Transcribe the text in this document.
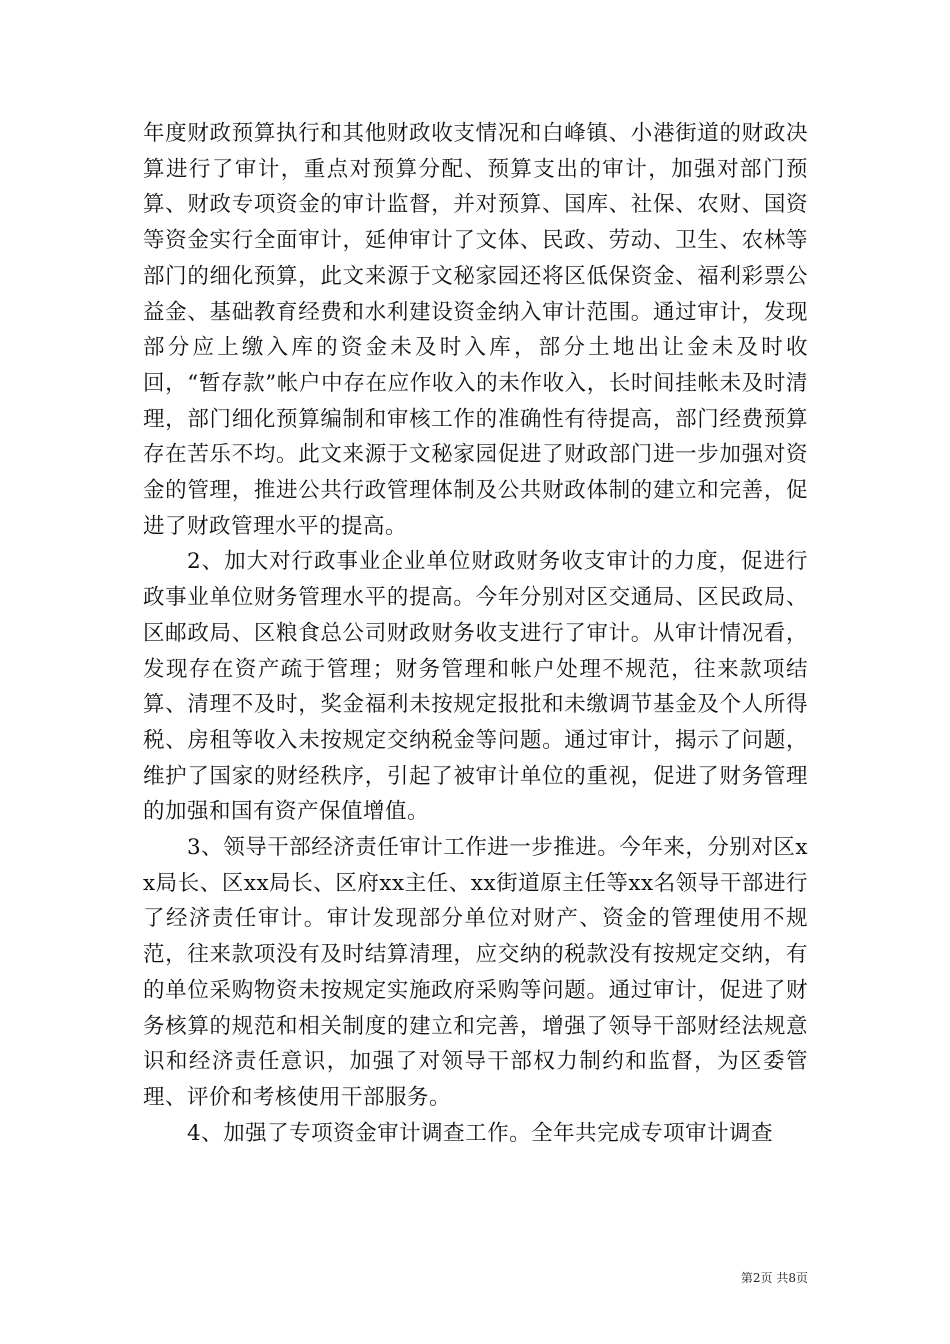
年度财政预算执行和其他财政收支情况和白峰镇、小港街道的财政决算进行了审计，重点对预算分配、预算支出的审计，加强对部门预算、财政专项资金的审计监督，并对预算、国库、社保、农财、国资等资金实行全面审计，延伸审计了文体、民政、劳动、卫生、农林等部门的细化预算，此文来源于文秘家园还将区低保资金、福利彩票公益金、基础教育经费和水利建设资金纳入审计范围。通过审计，发现部分应上缴入库的资金未及时入库，部分土地出让金未及时收回，“暂存款”帐户中存在应作收入的未作收入，长时间挂帐未及时清理，部门细化预算编制和审核工作的准确性有待提高，部门经费预算存在苦乐不均。此文来源于文秘家园促进了财政部门进一步加强对资金的管理，推进公共行政管理体制及公共财政体制的建立和完善，促进了财政管理水平的提高。

2、加大对行政事业企业单位财政财务收支审计的力度，促进行政事业单位财务管理水平的提高。今年分别对区交通局、区民政局、区邮政局、区粮食总公司财政财务收支进行了审计。从审计情况看，发现存在资产疏于管理；财务管理和帐户处理不规范，往来款项结算、清理不及时，奖金福利未按规定报批和未缴调节基金及个人所得税、房租等收入未按规定交纳税金等问题。通过审计，揭示了问题，维护了国家的财经秩序，引起了被审计单位的重视，促进了财务管理的加强和国有资产保值增值。

3、领导干部经济责任审计工作进一步推进。今年来，分别对区xx局长、区xx局长、区府xx主任、xx街道原主任等xx名领导干部进行了经济责任审计。审计发现部分单位对财产、资金的管理使用不规范，往来款项没有及时结算清理，应交纳的税款没有按规定交纳，有的单位采购物资未按规定实施政府采购等问题。通过审计，促进了财务核算的规范和相关制度的建立和完善，增强了领导干部财经法规意识和经济责任意识，加强了对领导干部权力制约和监督，为区委管理、评价和考核使用干部服务。

4、加强了专项资金审计调查工作。全年共完成专项审计调查

第2页 共8页
